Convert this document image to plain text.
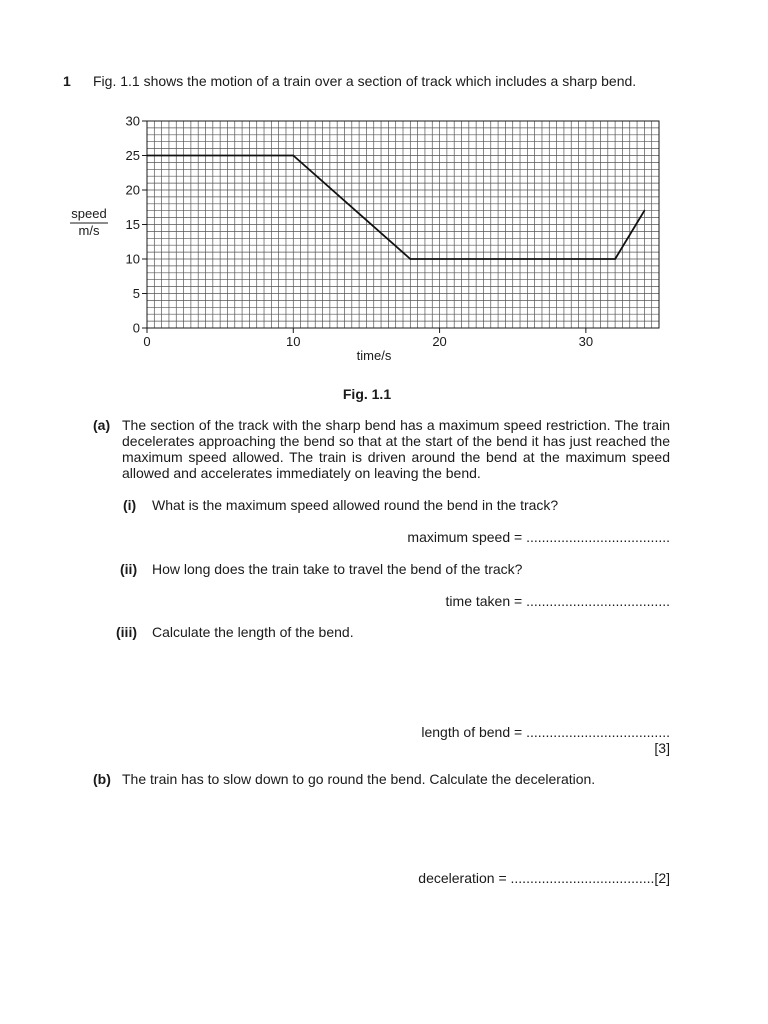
1 Fig. 1.1 shows the motion of a train over a section of track which includes a sharp bend.
0
5
10
15
20
25
30
0	10	20	30
time/s
speed
m/s
Fig. 1.1
(a) The section of the track with the sharp bend has a maximum speed restriction. The train decelerates approaching the bend so that at the start of the bend it has just reached the maximum speed allowed. The train is driven around the bend at the maximum speed allowed and accelerates immediately on leaving the bend.
(i) What is the maximum speed allowed round the bend in the track?
maximum speed = .....................................
(ii) How long does the train take to travel the bend of the track?
time taken = .....................................
(iii) Calculate the length of the bend.
length of bend = .....................................
[3]
(b) The train has to slow down to go round the bend. Calculate the deceleration.
deceleration = .....................................[2]
